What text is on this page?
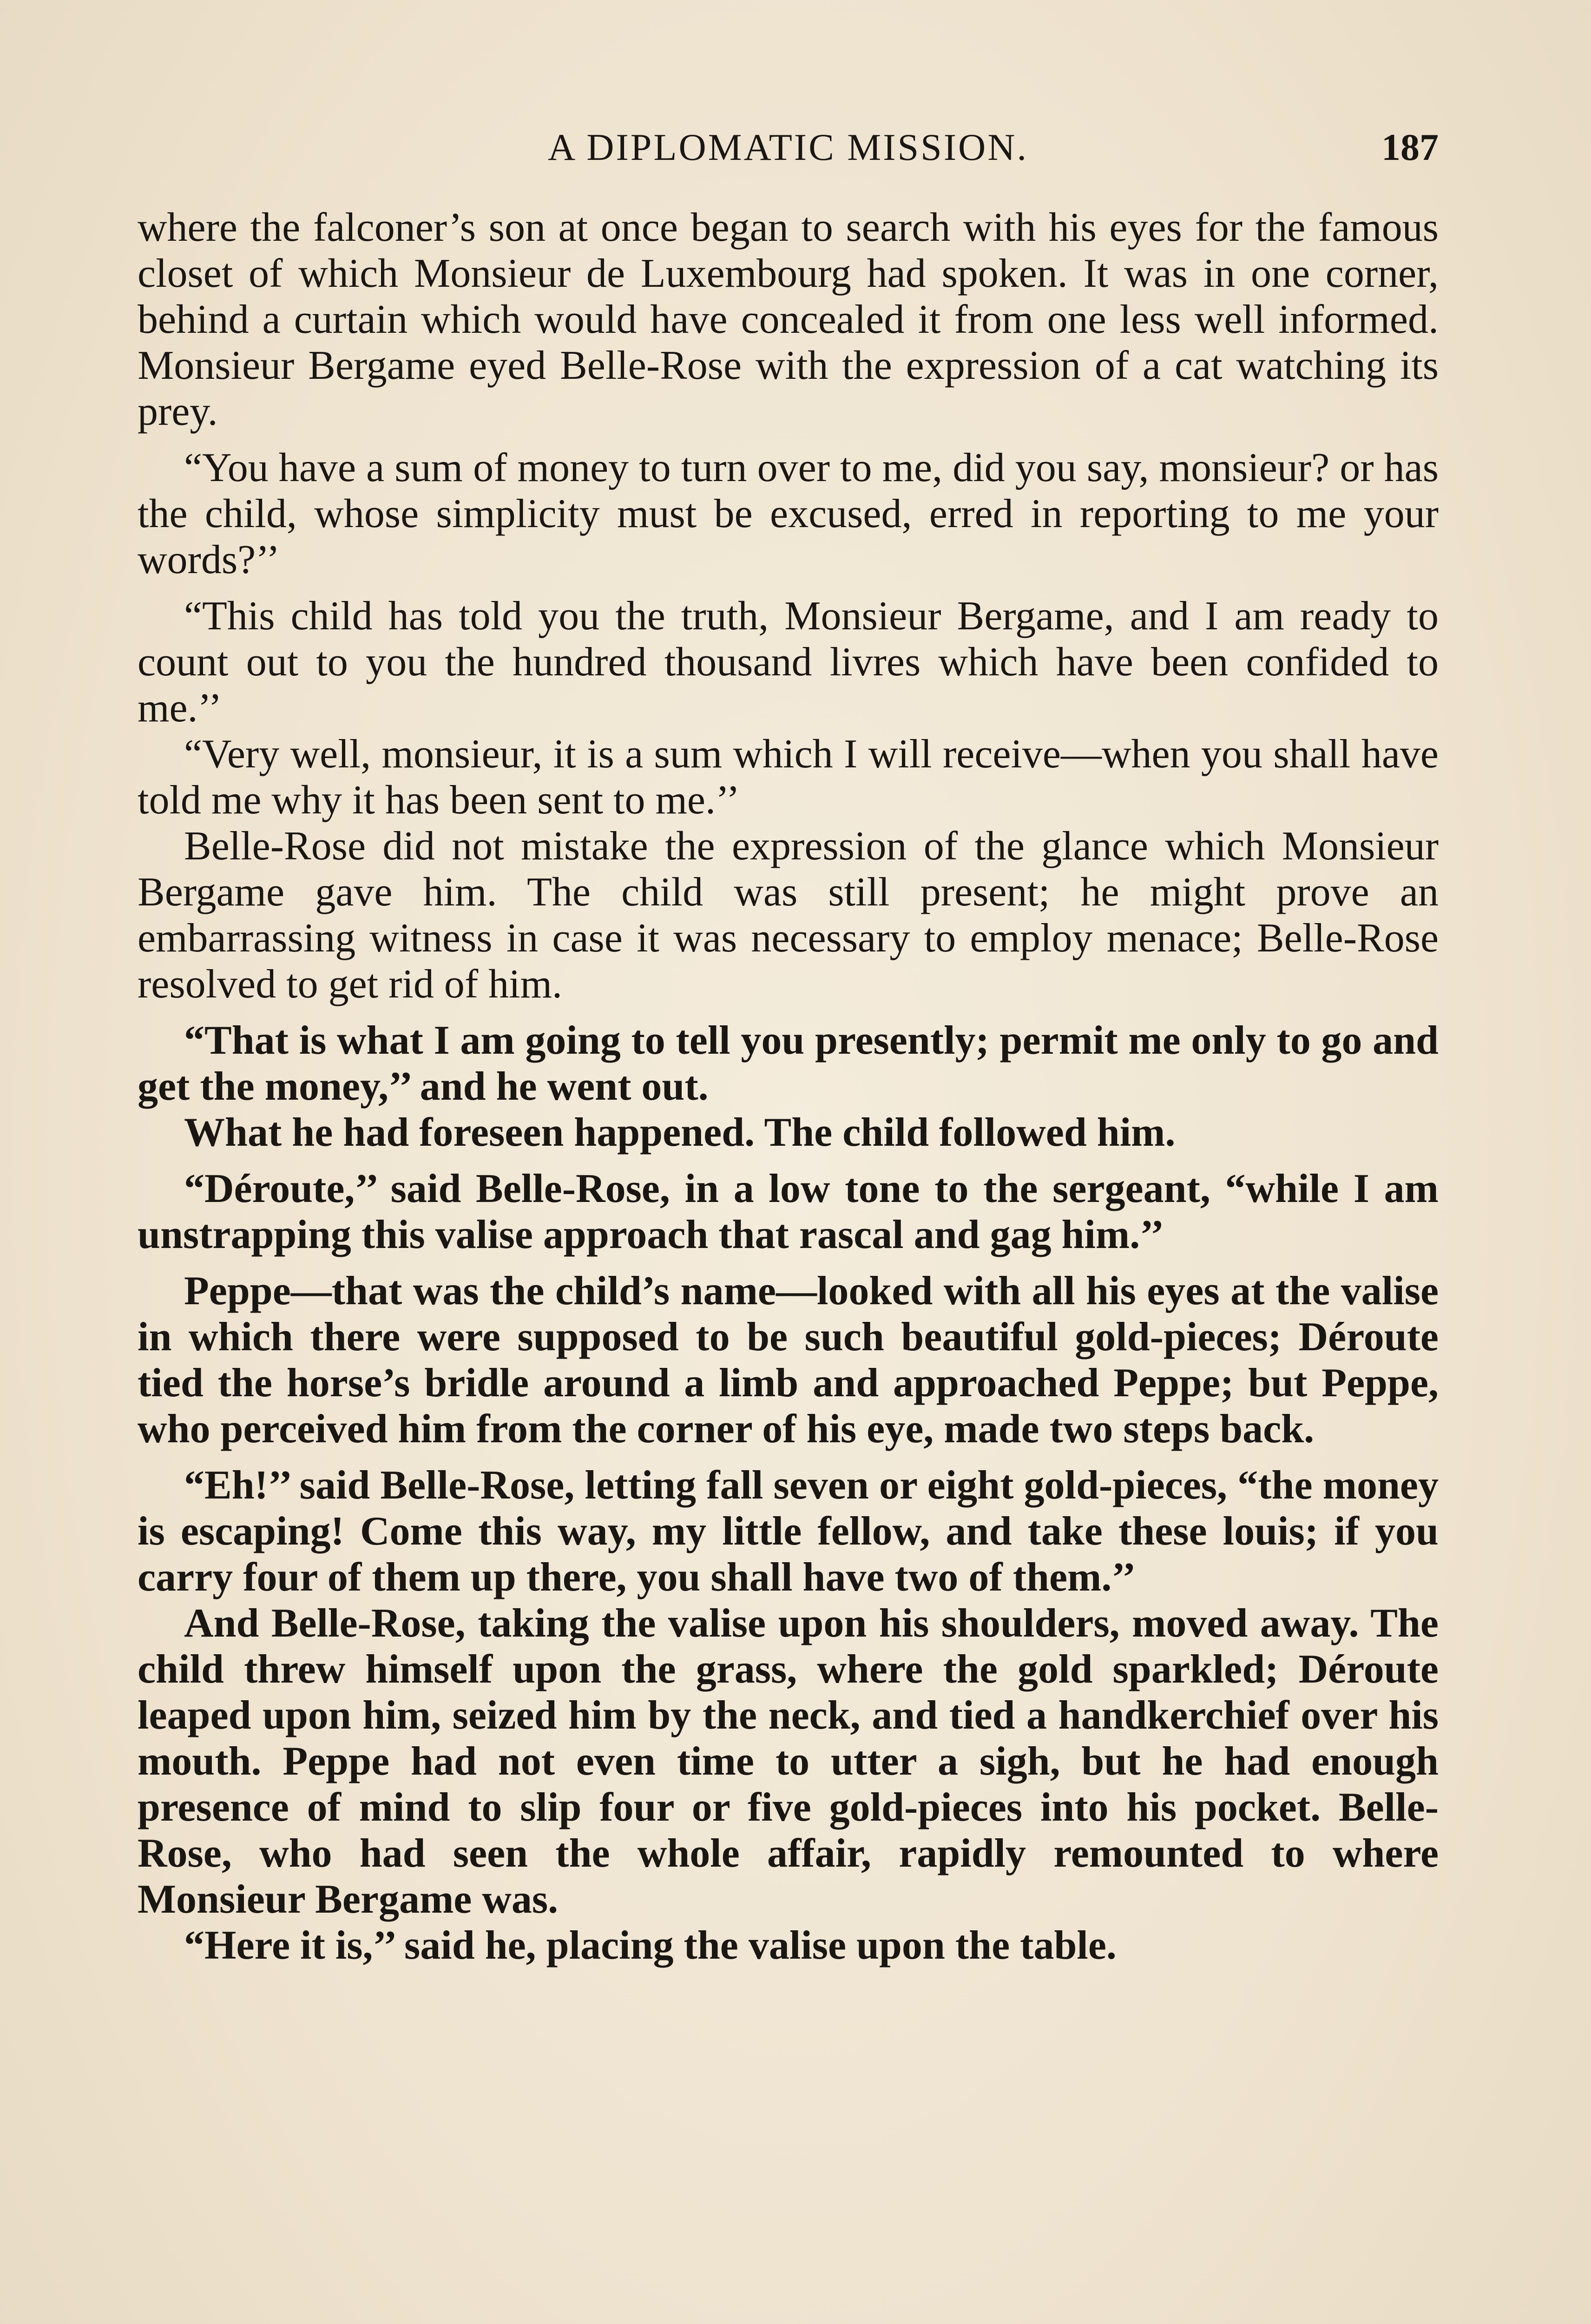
A DIPLOMATIC MISSION.	187

where the falconer’s son at once began to search with his eyes for the famous closet of which Monsieur de Luxembourg had spoken. It was in one corner, behind a curtain which would have concealed it from one less well informed. Monsieur Bergame eyed Belle-Rose with the expression of a cat watching its prey.

“You have a sum of money to turn over to me, did you say, monsieur? or has the child, whose simplicity must be excused, erred in reporting to me your words?’’

“This child has told you the truth, Monsieur Bergame, and I am ready to count out to you the hundred thousand livres which have been confided to me.’’

“Very well, monsieur, it is a sum which I will receive—when you shall have told me why it has been sent to me.’’

Belle-Rose did not mistake the expression of the glance which Monsieur Bergame gave him. The child was still present; he might prove an embarrassing witness in case it was necessary to employ menace; Belle-Rose resolved to get rid of him.

“That is what I am going to tell you presently; permit me only to go and get the money,’’ and he went out.

What he had foreseen happened. The child followed him.

“Déroute,’’ said Belle-Rose, in a low tone to the sergeant, “while I am unstrapping this valise approach that rascal and gag him.’’

Peppe—that was the child’s name—looked with all his eyes at the valise in which there were supposed to be such beautiful gold-pieces; Déroute tied the horse’s bridle around a limb and approached Peppe; but Peppe, who perceived him from the corner of his eye, made two steps back.

“Eh!’’ said Belle-Rose, letting fall seven or eight gold-pieces, “the money is escaping! Come this way, my little fellow, and take these louis; if you carry four of them up there, you shall have two of them.’’

And Belle-Rose, taking the valise upon his shoulders, moved away. The child threw himself upon the grass, where the gold sparkled; Déroute leaped upon him, seized him by the neck, and tied a handkerchief over his mouth. Peppe had not even time to utter a sigh, but he had enough presence of mind to slip four or five gold-pieces into his pocket. Belle-Rose, who had seen the whole affair, rapidly remounted to where Monsieur Bergame was.

“Here it is,’’ said he, placing the valise upon the table.
